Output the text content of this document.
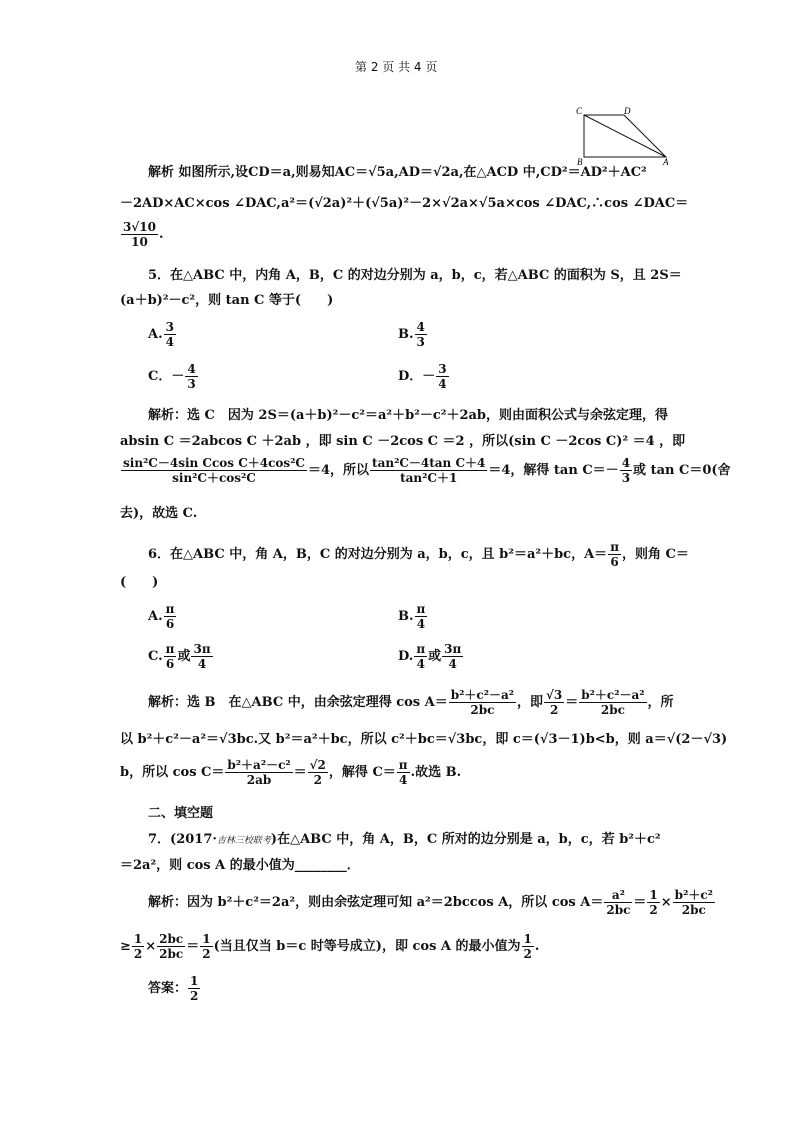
第 2 页 共 4 页
C	D
B	A
解析 如图所示,设CD＝a,则易知AC＝√5a,AD＝√2a,在△ACD 中,CD²＝AD²＋AC²
－2AD×AC×cos ∠DAC,a²＝(√2a)²＋(√5a)²－2×√2a×√5a×cos ∠DAC,∴cos ∠DAC＝
$\frac{3√10}{10}$ .
5．在△ABC 中，内角 A，B，C 的对边分别为 a，b，c，若△ABC 的面积为 S，且 2S＝
(a＋b)²－c²，则 tan C 等于(　　)
A. $\frac{3}{4}$	B. $\frac{4}{3}$
C．－ $\frac{4}{3}$	D．－ $\frac{3}{4}$
解析：选 C　因为 2S＝(a＋b)²－c²＝a²＋b²－c²＋2ab，则由面积公式与余弦定理，得
absin C ＝2abcos C ＋2ab ，即 sin C －2cos C ＝2 ，所以(sin C －2cos C)² ＝4 ，即
$\frac{\text{sin²C－4sin Ccos C＋4cos²C}}{\text{sin²C＋cos²C}} =4$，所以 $\frac{\text{tan²C－4tan C＋4}}{\text{tan²C＋1}} =4$，解得 $\tan C=- \frac{4}{3}$ 或 tan C＝0(舍
去)，故选 C.
6．在△ABC 中，角 A，B，C 的对边分别为 a，b，c，且 b²＝a²＋bc，$A= \frac{\pi}{6}$ ，则角 C＝
(　　)
A. $\frac{\pi}{6}$	B. $\frac{\pi}{4}$
C. $\frac{\pi}{6}$ 或 $\frac{3\pi}{4}$	D. $\frac{\pi}{4}$ 或 $\frac{3\pi}{4}$
解析：选 B　在△ABC 中，由余弦定理得 $\cos A= \frac{\text{b²＋c²－a²}}{2bc}$ ，即 $\frac{√3}{2} = \frac{\text{b²＋c²－a²}}{2bc}$ ，所
以 b²＋c²－a²＝√3bc.又 b²＝a²＋bc，所以 c²＋bc＝√3bc，即 c＝(√3－1)b<b，则 a＝√(2－√3)
b，所以 $\cos C= \frac{\text{b²＋a²－c²}}{2ab} = \frac{√2}{2}$ ，解得 $C= \frac{\pi}{4}$ .故选 B.
二、填空题
7．(2017·吉林三校联考)在△ABC 中，角 A，B，C 所对的边分别是 a，b，c，若 b²＋c²
＝2a²，则 cos A 的最小值为________．
解析：因为 b²＋c²＝2a²，则由余弦定理可知 a²＝2bccos A，所以 $\cos A= \frac{\text{a²}}{2bc} = \frac{1}{2} \times \frac{\text{b²＋c²}}{2bc}$
≥ $\frac{1}{2} \times \frac{2bc}{2bc} = \frac{1}{2}$ (当且仅当 b＝c 时等号成立)，即 cos A 的最小值为 $\frac{1}{2}$ .
答案： $\frac{1}{2}$
